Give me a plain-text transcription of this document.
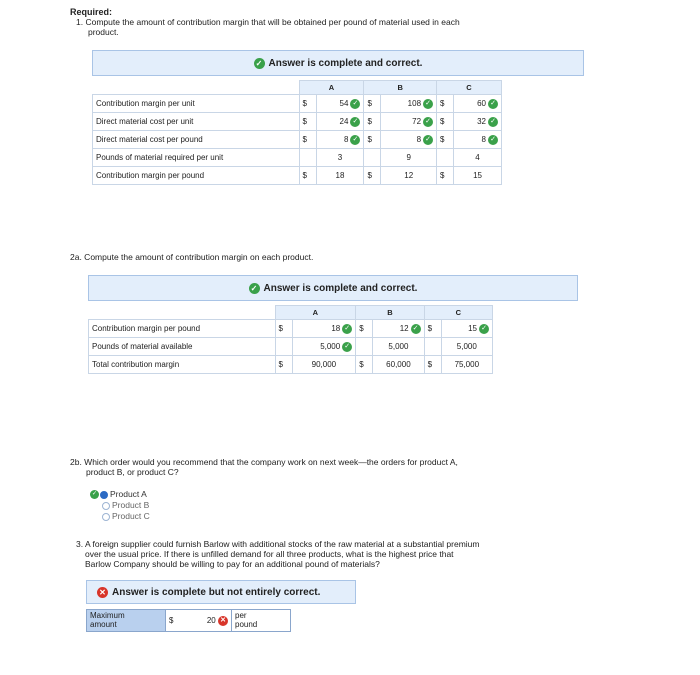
Required:
1. Compute the amount of contribution margin that will be obtained per pound of material used in each
product.
✓ Answer is complete and correct.
	A		B		C	
Contribution margin per unit	$	54 ✓	$	108 ✓	$	60 ✓
Direct material cost per unit	$	24 ✓	$	72 ✓	$	32 ✓
Direct material cost per pound	$	8 ✓	$	8 ✓	$	8 ✓
Pounds of material required per unit		3		9		4
Contribution margin per pound	$	18	$	12	$	15
2a. Compute the amount of contribution margin on each product.
✓ Answer is complete and correct.
	A		B		C	
Contribution margin per pound	$	18 ✓	$	12 ✓	$	15 ✓
Pounds of material available		5,000 ✓		5,000		5,000
Total contribution margin	$	90,000	$	60,000	$	75,000
2b. Which order would you recommend that the company work on next week—the orders for product A,
product B, or product C?
✓ Product A
Product B
Product C
3. A foreign supplier could furnish Barlow with additional stocks of the raw material at a substantial premium
over the usual price. If there is unfilled demand for all three products, what is the highest price that
Barlow Company should be willing to pay for an additional pound of materials?
✕ Answer is complete but not entirely correct.
Maximum
amount	$	20 ✕ per
pound
